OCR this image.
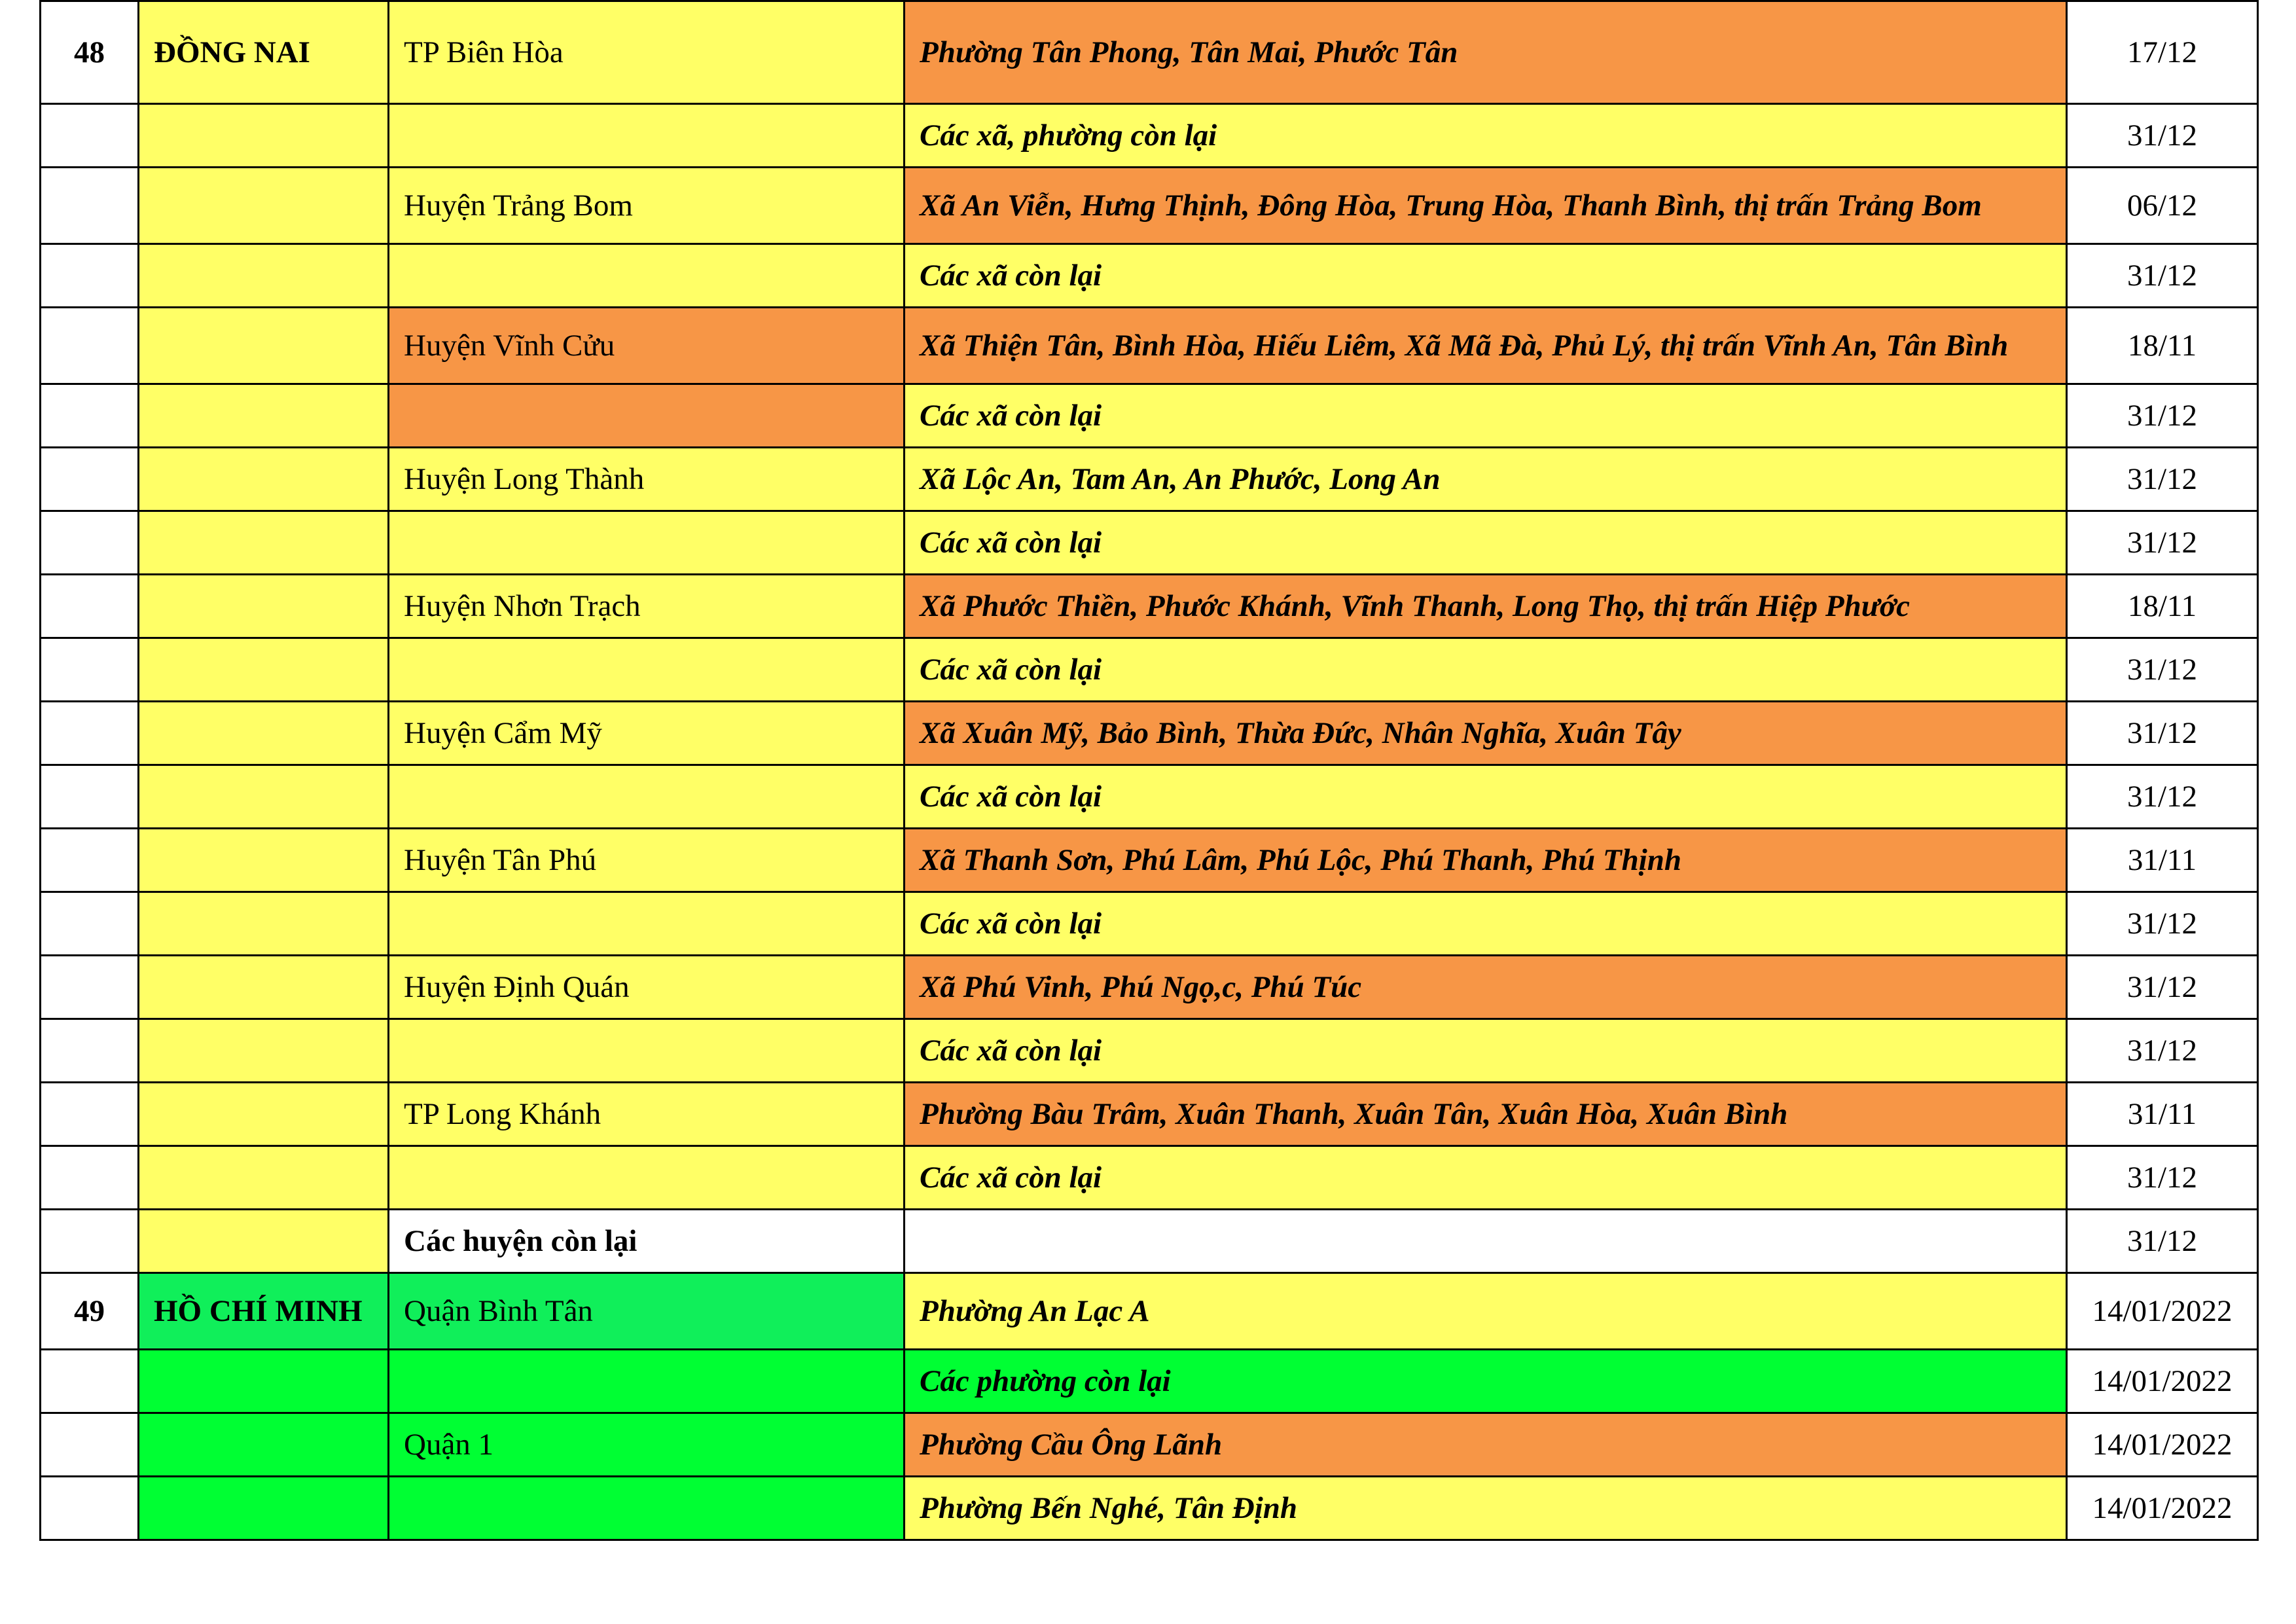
48	ĐỒNG NAI	TP Biên Hòa	Phường Tân Phong, Tân Mai, Phước Tân	17/12
			Các xã, phường còn lại	31/12
		Huyện Trảng Bom	Xã An Viễn, Hưng Thịnh, Đông Hòa, Trung Hòa, Thanh Bình, thị trấn Trảng Bom	06/12
			Các xã còn lại	31/12
		Huyện Vĩnh Cửu	Xã Thiện Tân, Bình Hòa, Hiếu Liêm, Xã Mã Đà, Phủ Lý, thị trấn Vĩnh An, Tân Bình	18/11
			Các xã còn lại	31/12
		Huyện Long Thành	Xã Lộc An, Tam An, An Phước, Long An	31/12
			Các xã còn lại	31/12
		Huyện Nhơn Trạch	Xã Phước Thiền, Phước Khánh, Vĩnh Thanh, Long Thọ, thị trấn Hiệp Phước	18/11
			Các xã còn lại	31/12
		Huyện Cẩm Mỹ	Xã Xuân Mỹ, Bảo Bình, Thừa Đức, Nhân Nghĩa, Xuân Tây	31/12
			Các xã còn lại	31/12
		Huyện Tân Phú	Xã Thanh Sơn, Phú Lâm, Phú Lộc, Phú Thanh, Phú Thịnh	31/11
			Các xã còn lại	31/12
		Huyện Định Quán	Xã Phú Vinh, Phú Ngọ,c, Phú Túc	31/12
			Các xã còn lại	31/12
		TP Long Khánh	Phường Bàu Trâm, Xuân Thanh, Xuân Tân, Xuân Hòa, Xuân Bình	31/11
			Các xã còn lại	31/12
		Các huyện còn lại		31/12
49	HỒ CHÍ MINH	Quận Bình Tân	Phường An Lạc A	14/01/2022
			Các phường còn lại	14/01/2022
		Quận 1	Phường Cầu Ông Lãnh	14/01/2022
			Phường Bến Nghé, Tân Định	14/01/2022
